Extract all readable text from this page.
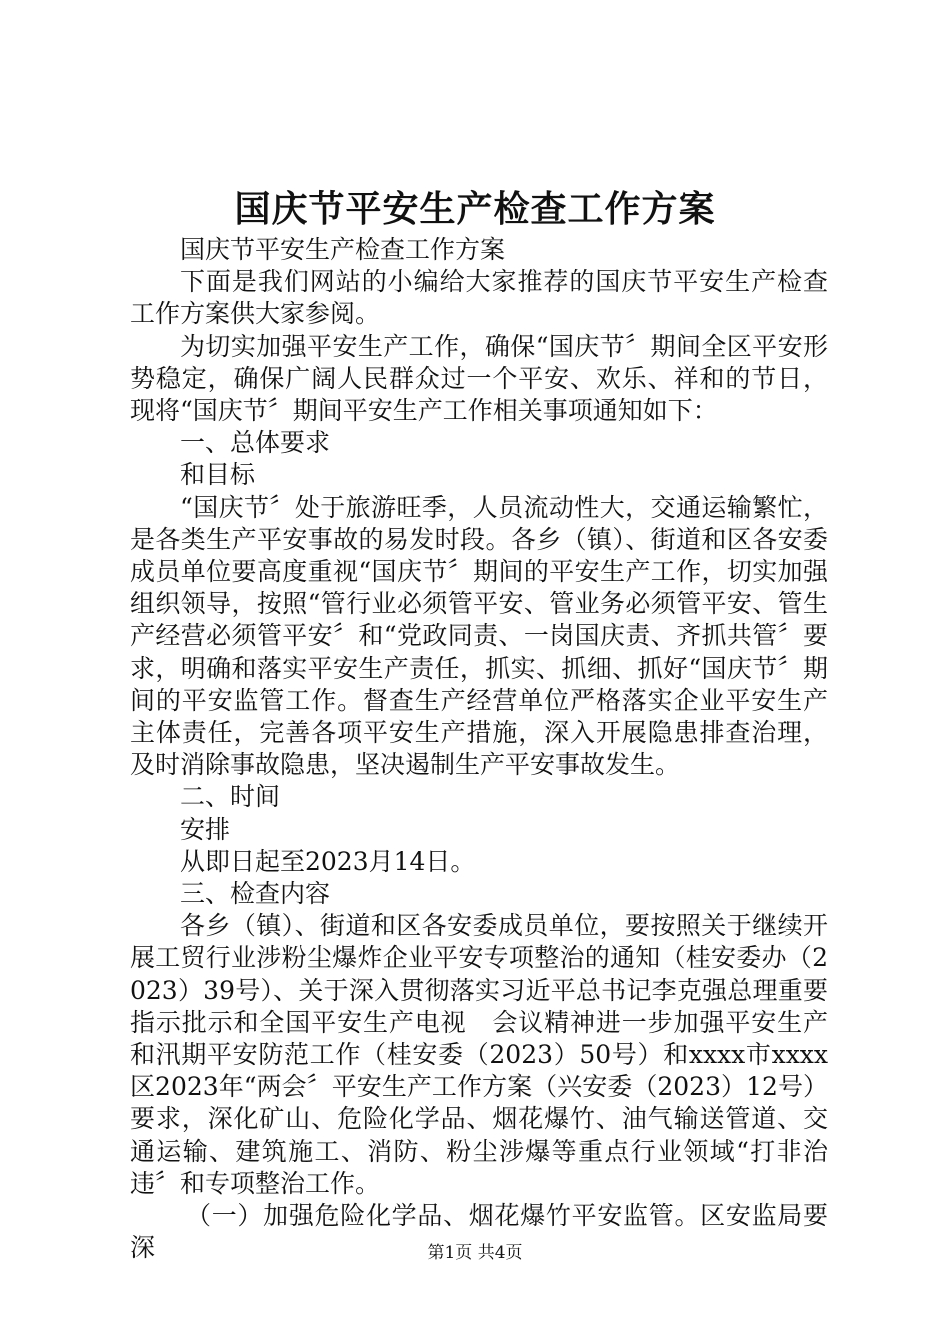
国庆节平安生产检查工作方案

国庆节平安生产检查工作方案

下面是我们网站的小编给大家推荐的国庆节平安生产检查工作方案供大家参阅。

为切实加强平安生产工作，确保“国庆节〞期间全区平安形势稳定，确保广阔人民群众过一个平安、欢乐、祥和的节日，现将“国庆节〞期间平安生产工作相关事项通知如下：

一、总体要求

和目标

“国庆节〞处于旅游旺季，人员流动性大，交通运输繁忙，是各类生产平安事故的易发时段。各乡（镇）、街道和区各安委成员单位要高度重视“国庆节〞期间的平安生产工作，切实加强组织领导，按照“管行业必须管平安、管业务必须管平安、管生产经营必须管平安〞和“党政同责、一岗国庆责、齐抓共管〞要求，明确和落实平安生产责任，抓实、抓细、抓好“国庆节〞期间的平安监管工作。督查生产经营单位严格落实企业平安生产主体责任，完善各项平安生产措施，深入开展隐患排查治理，及时消除事故隐患，坚决遏制生产平安事故发生。

二、时间

安排

从即日起至2023月14日。

三、检查内容

各乡（镇）、街道和区各安委成员单位，要按照关于继续开展工贸行业涉粉尘爆炸企业平安专项整治的通知（桂安委办（2023）39号）、关于深入贯彻落实习近平总书记李克强总理重要指示批示和全国平安生产电视　会议精神进一步加强平安生产和汛期平安防范工作（桂安委（2023）50号）和xxxx市xxxx区2023年“两会〞平安生产工作方案（兴安委（2023）12号）要求，深化矿山、危险化学品、烟花爆竹、油气输送管道、交通运输、建筑施工、消防、粉尘涉爆等重点行业领域“打非治违〞和专项整治工作。

（一）加强危险化学品、烟花爆竹平安监管。区安监局要深	第1页 共4页
